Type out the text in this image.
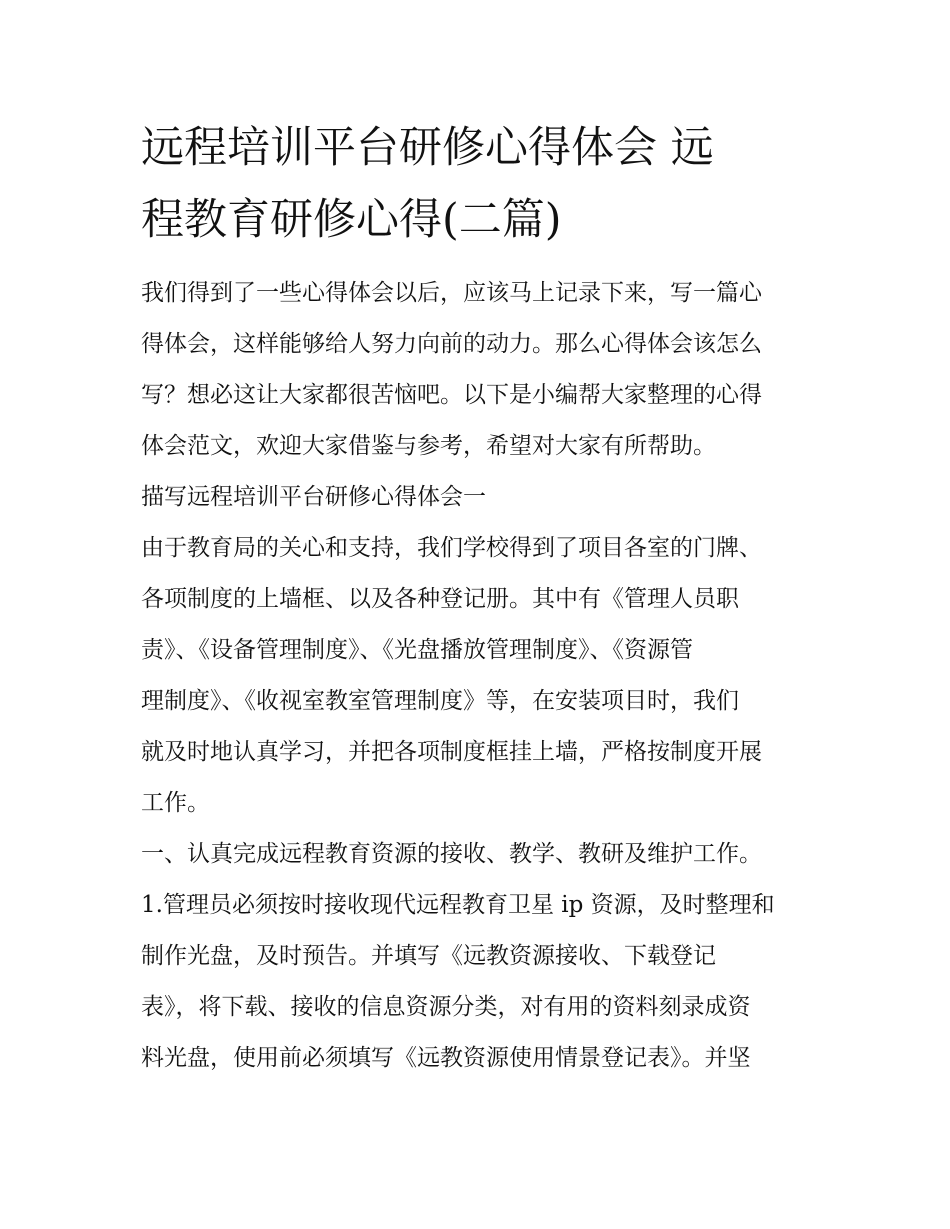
远程培训平台研修心得体会 远
程教育研修心得(二篇)
我们得到了一些心得体会以后，应该马上记录下来，写一篇心
得体会，这样能够给人努力向前的动力。那么心得体会该怎么
写？想必这让大家都很苦恼吧。以下是小编帮大家整理的心得
体会范文，欢迎大家借鉴与参考，希望对大家有所帮助。
描写远程培训平台研修心得体会一
由于教育局的关心和支持，我们学校得到了项目各室的门牌、
各项制度的上墙框、以及各种登记册。其中有《管理人员职
责》、《设备管理制度》、《光盘播放管理制度》、《资源管
理制度》、《收视室教室管理制度》等，在安装项目时，我们
就及时地认真学习，并把各项制度框挂上墙，严格按制度开展
工作。
一、认真完成远程教育资源的接收、教学、教研及维护工作。
1.管理员必须按时接收现代远程教育卫星 ip 资源，及时整理和
制作光盘，及时预告。并填写《远教资源接收、下载登记
表》，将下载、接收的信息资源分类，对有用的资料刻录成资
料光盘，使用前必须填写《远教资源使用情景登记表》。并坚
